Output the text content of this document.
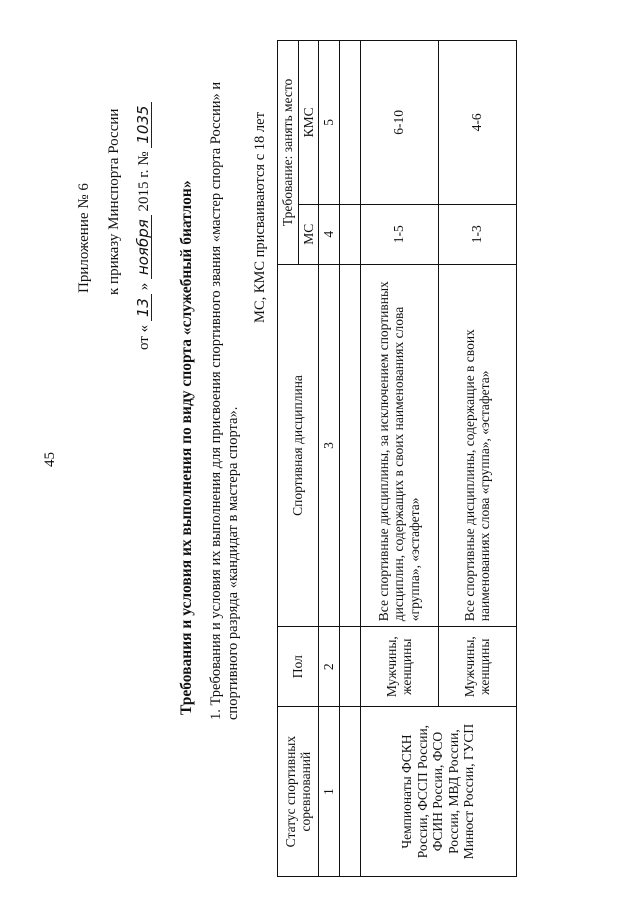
45
Приложение № 6 к приказу Минспорта России
от « 13 » ноября 2015 г. № 1035
Требования и условия их выполнения по виду спорта «служебный биатлон» 1. Требования и условия их выполнения для присвоения спортивного звания «мастер спорта России» и спортивного разряда «кандидат в мастера спорта».
МС, КМС присваиваются с 18 лет
Статус спортивных соревнований	Пол	Спортивная дисциплина	Требование: занять место	
			МС	КМС
1	2	3	4	5

Чемпионаты ФСКН России, ФССП России, ФСИН России, ФСО России, МВД России, Минюст России, ГУСП	Мужчины, женщины	Все спортивные дисциплины, за исключением спортивных дисциплин, содержащих в своих наименованиях слова «группа», «эстафета»	1-5	6-10
	Мужчины, женщины	Все спортивные дисциплины, содержащие в своих наименованиях слова «группа», «эстафета»	1-3	4-6
